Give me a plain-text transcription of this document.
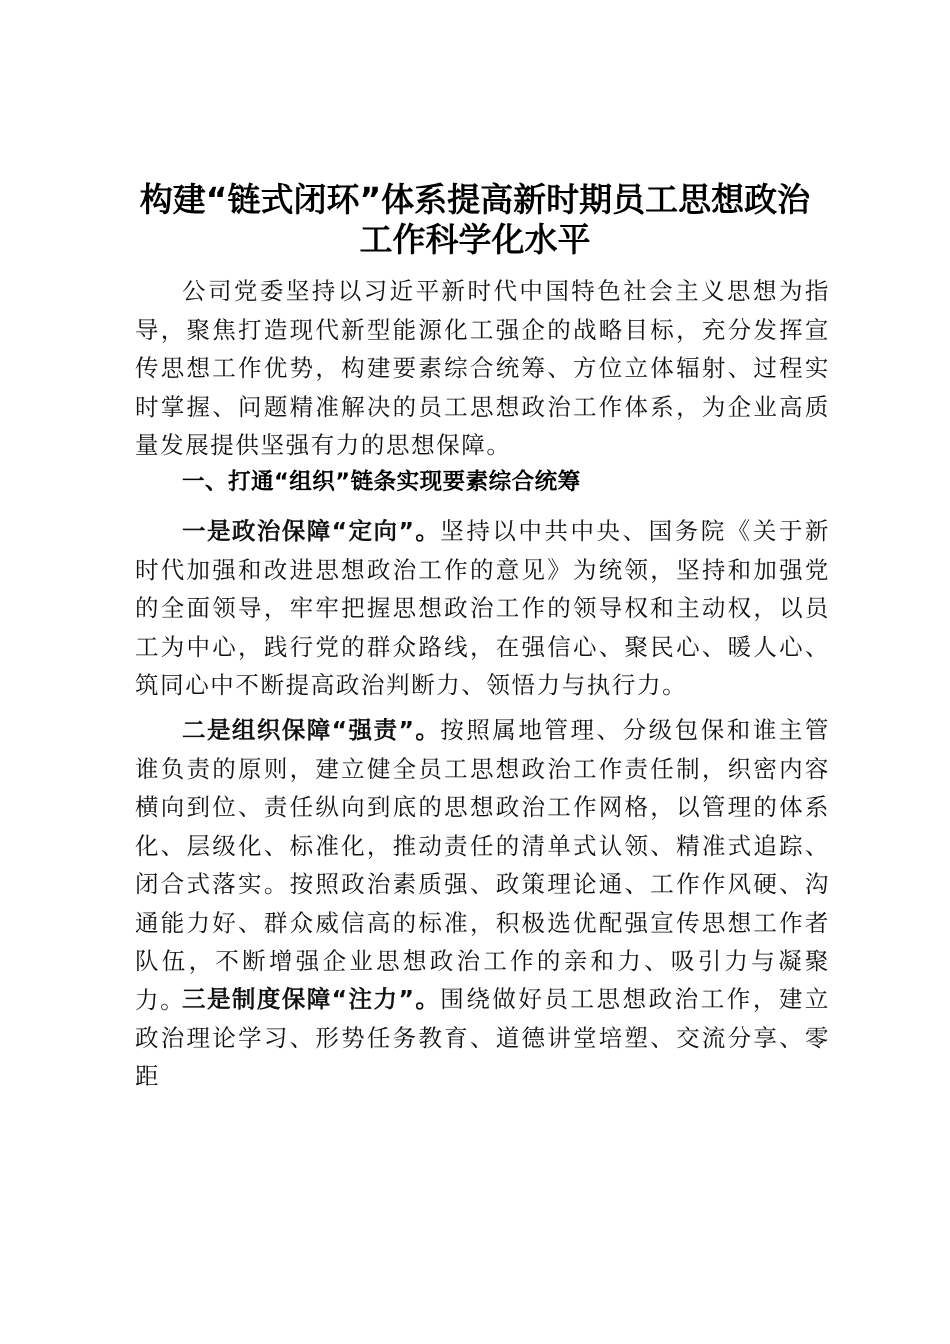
构建“链式闭环”体系提高新时期员工思想政治
工作科学化水平

公司党委坚持以习近平新时代中国特色社会主义思想为指导，聚焦打造现代新型能源化工强企的战略目标，充分发挥宣传思想工作优势，构建要素综合统筹、方位立体辐射、过程实时掌握、问题精准解决的员工思想政治工作体系，为企业高质量发展提供坚强有力的思想保障。

一、打通“组织”链条实现要素综合统筹

一是政治保障“定向”。坚持以中共中央、国务院《关于新时代加强和改进思想政治工作的意见》为统领，坚持和加强党的全面领导，牢牢把握思想政治工作的领导权和主动权，以员工为中心，践行党的群众路线，在强信心、聚民心、暖人心、筑同心中不断提高政治判断力、领悟力与执行力。

二是组织保障“强责”。按照属地管理、分级包保和谁主管谁负责的原则，建立健全员工思想政治工作责任制，织密内容横向到位、责任纵向到底的思想政治工作网格，以管理的体系化、层级化、标准化，推动责任的清单式认领、精准式追踪、闭合式落实。按照政治素质强、政策理论通、工作作风硬、沟通能力好、群众威信高的标准，积极选优配强宣传思想工作者队伍，不断增强企业思想政治工作的亲和力、吸引力与凝聚力。

三是制度保障“注力”。围绕做好员工思想政治工作，建立政治理论学习、形势任务教育、道德讲堂培塑、交流分享、零距
